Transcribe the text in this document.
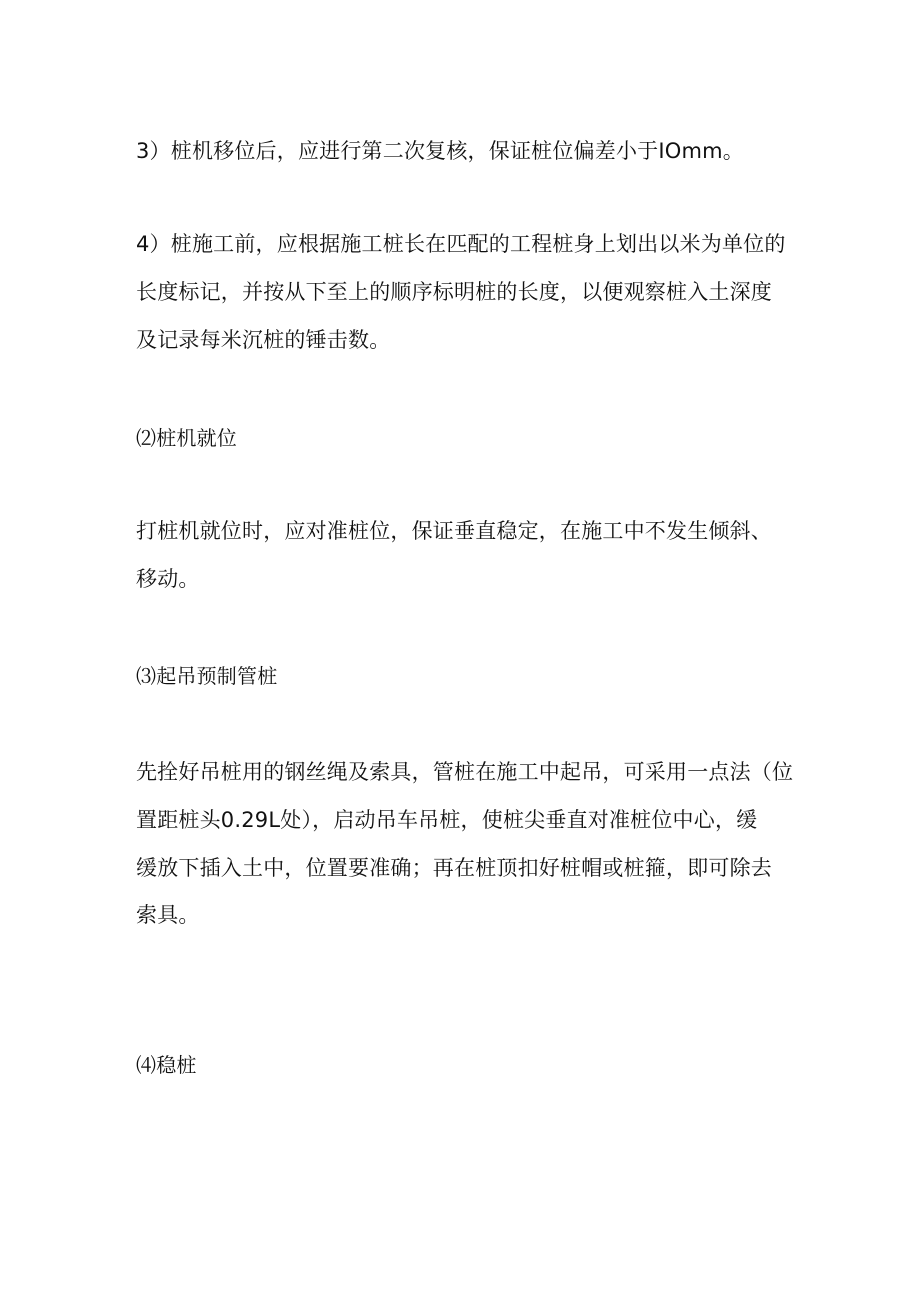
3）桩机移位后，应进行第二次复核，保证桩位偏差小于IOmm。

4）桩施工前，应根据施工桩长在匹配的工程桩身上划出以米为单位的

长度标记，并按从下至上的顺序标明桩的长度，以便观察桩入土深度

及记录每米沉桩的锤击数。

⑵桩机就位

打桩机就位时，应对准桩位，保证垂直稳定，在施工中不发生倾斜、

移动。

⑶起吊预制管桩

先拴好吊桩用的钢丝绳及索具，管桩在施工中起吊，可采用一点法（位

置距桩头0.29L处），启动吊车吊桩，使桩尖垂直对准桩位中心，缓

缓放下插入土中，位置要准确；再在桩顶扣好桩帽或桩箍，即可除去

索具。

⑷稳桩
